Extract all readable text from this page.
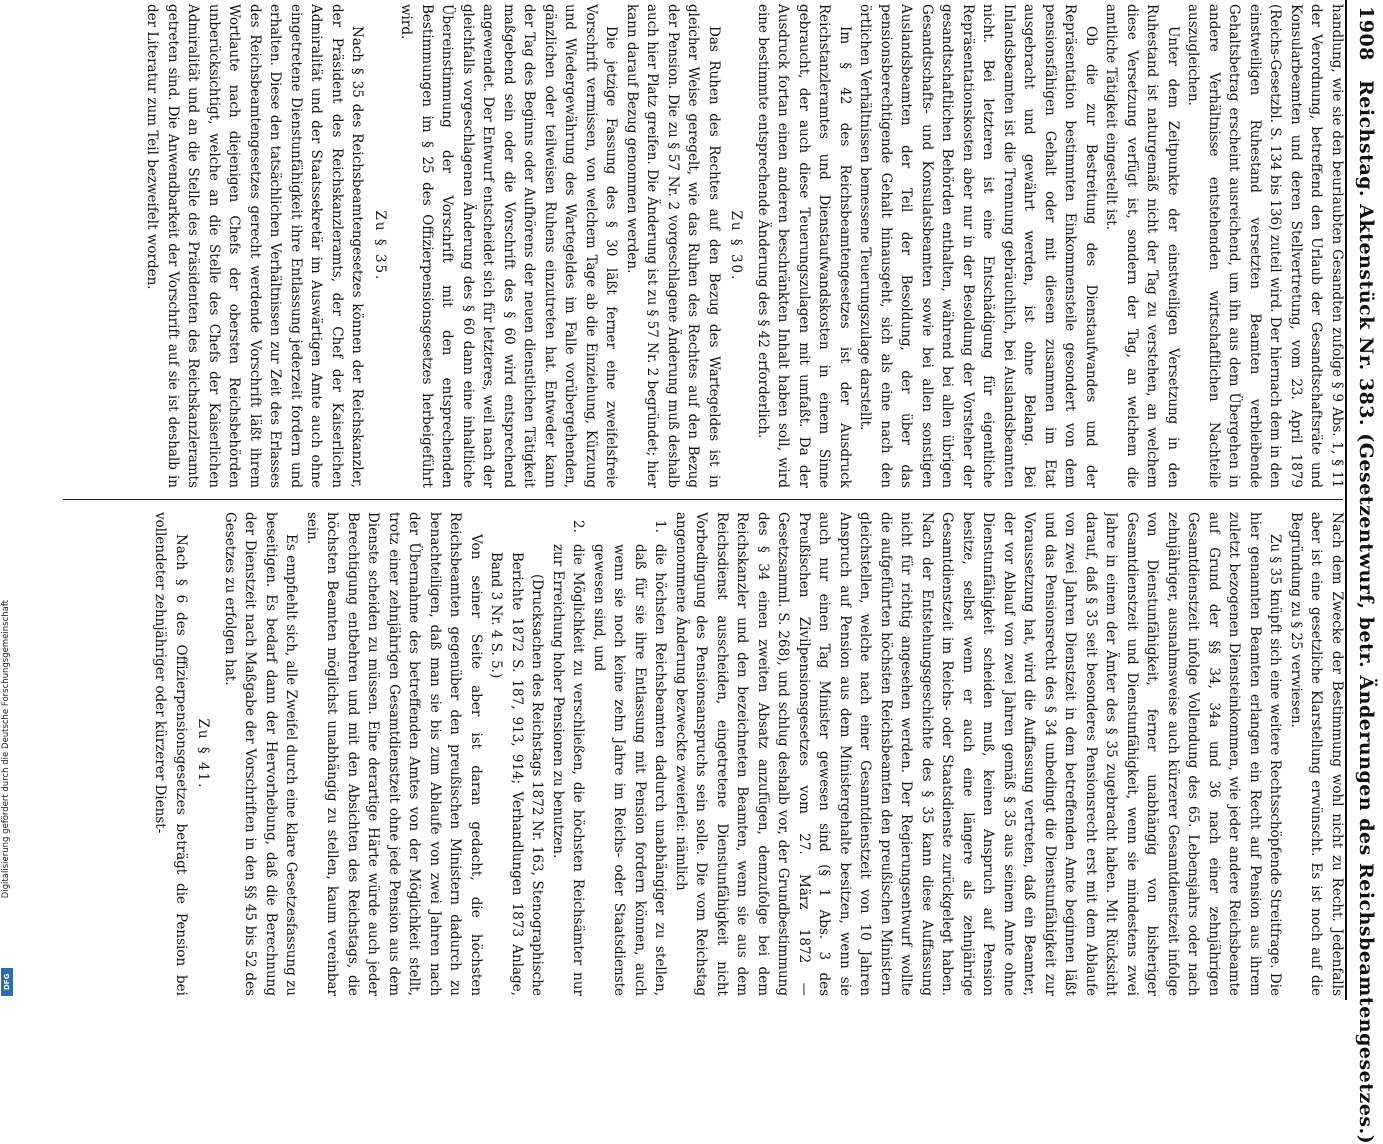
1908
Reichstag. Aktenstück Nr. 383. (Gesetzentwurf, betr. Änderungen des Reichsbeamtengesetzes.)

handlung, wie sie den beurlaubten Gesandten zufolge § 9 Abs. 1, § 11 der Verordnung, betreffend den Urlaub der Gesandtschaftsräte und Konsularbeamten und deren Stellvertretung, vom 23. April 1879 (Reichs-Gesetzbl. S. 134 bis 136) zuteil wird. Der hiernach dem in den einstweiligen Ruhestand versetzten Beamten verbleibende Gehaltsbetrag erscheint ausreichend, um ihn aus dem Übergehen in andere Verhältnisse entstehenden wirtschaftlichen Nachteile auszugleichen.

Unter dem Zeitpunkte der einstweiligen Versetzung in den Ruhestand ist naturgemäß nicht der Tag zu verstehen, an welchem diese Versetzung verfügt ist, sondern der Tag, an welchem die amtliche Tätigkeit eingestellt ist.

Ob die zur Bestreitung des Dienstaufwandes und der Repräsentation bestimmten Einkommensteile gesondert von dem pensionsfähigen Gehalt oder mit diesem zusammen im Etat ausgebracht und gewährt werden, ist ohne Belang. Bei Inlandsbeamten ist die Trennung gebräuchlich, bei Auslandsbeamten nicht. Bei letzteren ist eine Entschädigung für eigentliche Repräsentationskosten aber nur in der Besoldung der Vorsteher der gesandtschaftlichen Behörden enthalten, während bei allen übrigen Gesandtschafts- und Konsulatsbeamten sowie bei allen sonstigen Auslandsbeamten der Teil der Besoldung, der über das pensionsberechtigende Gehalt hinausgeht, sich als eine nach den örtlichen Verhältnissen bemessene Teuerungszulage darstellt.

Im § 42 des Reichsbeamtengesetzes ist der Ausdruck Reichstanzleramtes und Dienstaufwandskosten in einem Sinne gebraucht, der auch diese Teuerungszulagen mit umfaßt. Da der Ausdruck fortan einen anderen beschränkten Inhalt haben soll, wird eine bestimmte entsprechende Änderung des § 42 erforderlich.

Zu § 30.

Das Ruhen des Rechtes auf den Bezug des Wartegeldes ist in gleicher Weise geregelt, wie das Ruhen des Rechtes auf den Bezug der Pension. Die zu § 57 Nr. 2 vorgeschlagene Änderung muß deshalb auch hier Platz greifen. Die Änderung ist zu § 57 Nr. 2 begründet; hier kann darauf Bezug genommen werden.

Die jetzige Fassung des § 30 läßt ferner eine zweifelsfreie Vorschrift vermissen, von welchem Tage ab die Einziehung, Kürzung und Wiedergewährung des Wartegeldes im Falle vorübergehenden, gänzlichen oder teilweisen Ruhens einzutreten hat. Entweder kann der Tag des Beginns oder Aufhörens der neuen dienstlichen Tätigkeit maßgebend sein oder die Vorschrift des § 60 wird entsprechend angewendet. Der Entwurf entscheidet sich für letzteres, weil nach der gleichfalls vorgeschlagenen Änderung des § 60 dann eine inhaltliche Übereinstimmung der Vorschrift mit den entsprechenden Bestimmungen im § 25 des Offizierpensionsgesetzes herbeigeführt wird.

Zu § 35.

Nach § 35 des Reichsbeamtengesetzes können der Reichskanzler, der Präsident des Reichskanzleramts, der Chef der Kaiserlichen Admiralität und der Staatssekretär im Auswärtigen Amte auch ohne eingetretene Dienstunfähigkeit ihre Entlassung jederzeit fordern und erhalten. Diese den tatsächlichen Verhältnissen zur Zeit des Erlasses des Reichsbeamtengesetzes gerecht werdende Vorschrift läßt ihrem Wortlaute nach diejenigen Chefs der obersten Reichsbehörden unberücksichtigt, welche an die Stelle des Chefs der Kaiserlichen Admiralität und an die Stelle des Präsidenten des Reichskanzleramts getreten sind. Die Anwendbarkeit der Vorschrift auf sie ist deshalb in der Literatur zum Teil bezweifelt worden.

Nach dem Zwecke der Bestimmung wohl nicht zu Recht. Jedenfalls aber ist eine gesetzliche Klarstellung erwünscht. Es ist noch auf die Begründung zu § 25 verwiesen.

Zu § 35 knüpft sich eine weitere Rechtsschöpfende Streitfrage. Die hier genannten Beamten erlangen ein Recht auf Pension aus ihrem zuletzt bezogenen Diensteinkommen, wie jeder andere Reichsbeamte auf Grund der §§ 34, 34a und 36 nach einer zehnjährigen Gesamtdienstzeit infolge Vollendung des 65. Lebensjahrs oder nach zehnjähriger, ausnahmsweise auch kürzerer Gesamtdienstzeit infolge von Dienstunfähigkeit, ferner unabhängig von bisheriger Gesamtdienstzeit und Dienstunfähigkeit, wenn sie mindestens zwei Jahre in einem der Ämter des § 35 zugebracht haben. Mit Rücksicht darauf, daß § 35 seit besonderes Pensionsrecht erst mit dem Ablaufe von zwei Jahren Dienstzeit in dem betreffenden Amte beginnen läßt und das Pensionsrecht des § 34 unbedingt die Dienstunfähigkeit zur Voraussetzung hat, wird die Auffassung vertreten, daß ein Beamter, der vor Ablauf von zwei Jahren gemäß § 35 aus seinem Amte ohne Dienstunfähigkeit scheiden muß, keinen Anspruch auf Pension besitze, selbst wenn er auch eine längere als zehnjährige Gesamtdienstzeit im Reichs- oder Staatsdienste zurückgelegt haben. Nach der Entstehungsgeschichte des § 35 kann diese Auffassung nicht für richtig angesehen werden. Der Regierungsentwurf wollte die aufgeführten höchsten Reichsbeamten den preußischen Ministern gleichstellen, welche nach einer Gesamtdienstzeit von 10 Jahren Anspruch auf Pension aus dem Ministergehalte besitzen, wenn sie auch nur einen Tag Minister gewesen sind (§ 1 Abs. 3 des Preußischen Zivilpensionsgesetzes vom 27. März 1872 — Gesetzsamml. S. 268), und schlug deshalb vor, der Grundbestimmung des § 34 einen zweiten Absatz anzufügen, demzufolge bei dem Reichskanzler und den bezeichneten Beamten, wenn sie aus dem Reichsdienst ausscheiden, eingetretene Dienstunfähigkeit nicht Vorbedingung des Pensionsanspruchs sein solle. Die vom Reichstag angenommene Änderung bezweckte zweierlei: nämlich

1.
die höchsten Reichsbeamten dadurch unabhängiger zu stellen, daß für sie ihre Entlassung mit Pension fordern können, auch wenn sie noch keine zehn Jahre im Reichs- oder Staatsdienste gewesen sind, und
2.
die Möglichkeit zu verschließen, die höchsten Reichsämter nur zur Erreichung hoher Pensionen zu benutzen.

(Drucksachen des Reichstags 1872 Nr. 163, Stenographische Berichte 1872 S. 187, 913, 914; Verhandlungen 1873 Anlage, Band 3 Nr. 4 S. 5.)

Von seiner Seite aber ist daran gedacht, die höchsten Reichsbeamten gegenüber den preußischen Ministern dadurch zu benachteiligen, daß man sie bis zum Ablaufe von zwei Jahren nach der Übernahme des betreffenden Amtes von der Möglichkeit stellt, trotz einer zehnjährigen Gesamtdienstzeit ohne jede Pension aus dem Dienste scheiden zu müssen. Eine derartige Härte würde auch jeder Berechtigung entbehren und mit den Absichten des Reichstags, die höchsten Beamten möglichst unabhängig zu stellen, kaum vereinbar sein.

Es empfiehlt sich, alle Zweifel durch eine klare Gesetzesfassung zu beseitigen. Es bedarf dann der Hervorhebung, daß die Berechnung der Dienstzeit nach Maßgabe der Vorschriften in den §§ 45 bis 52 des Gesetzes zu erfolgen hat.

Zu § 41.

Nach § 6 des Offizierpensionsgesetzes beträgt die Pension bei vollendeter zehnjähriger oder kürzerer Dienst-

Digitalisierung gefördert durch die Deutsche Forschungsgemeinschaft
DFG
